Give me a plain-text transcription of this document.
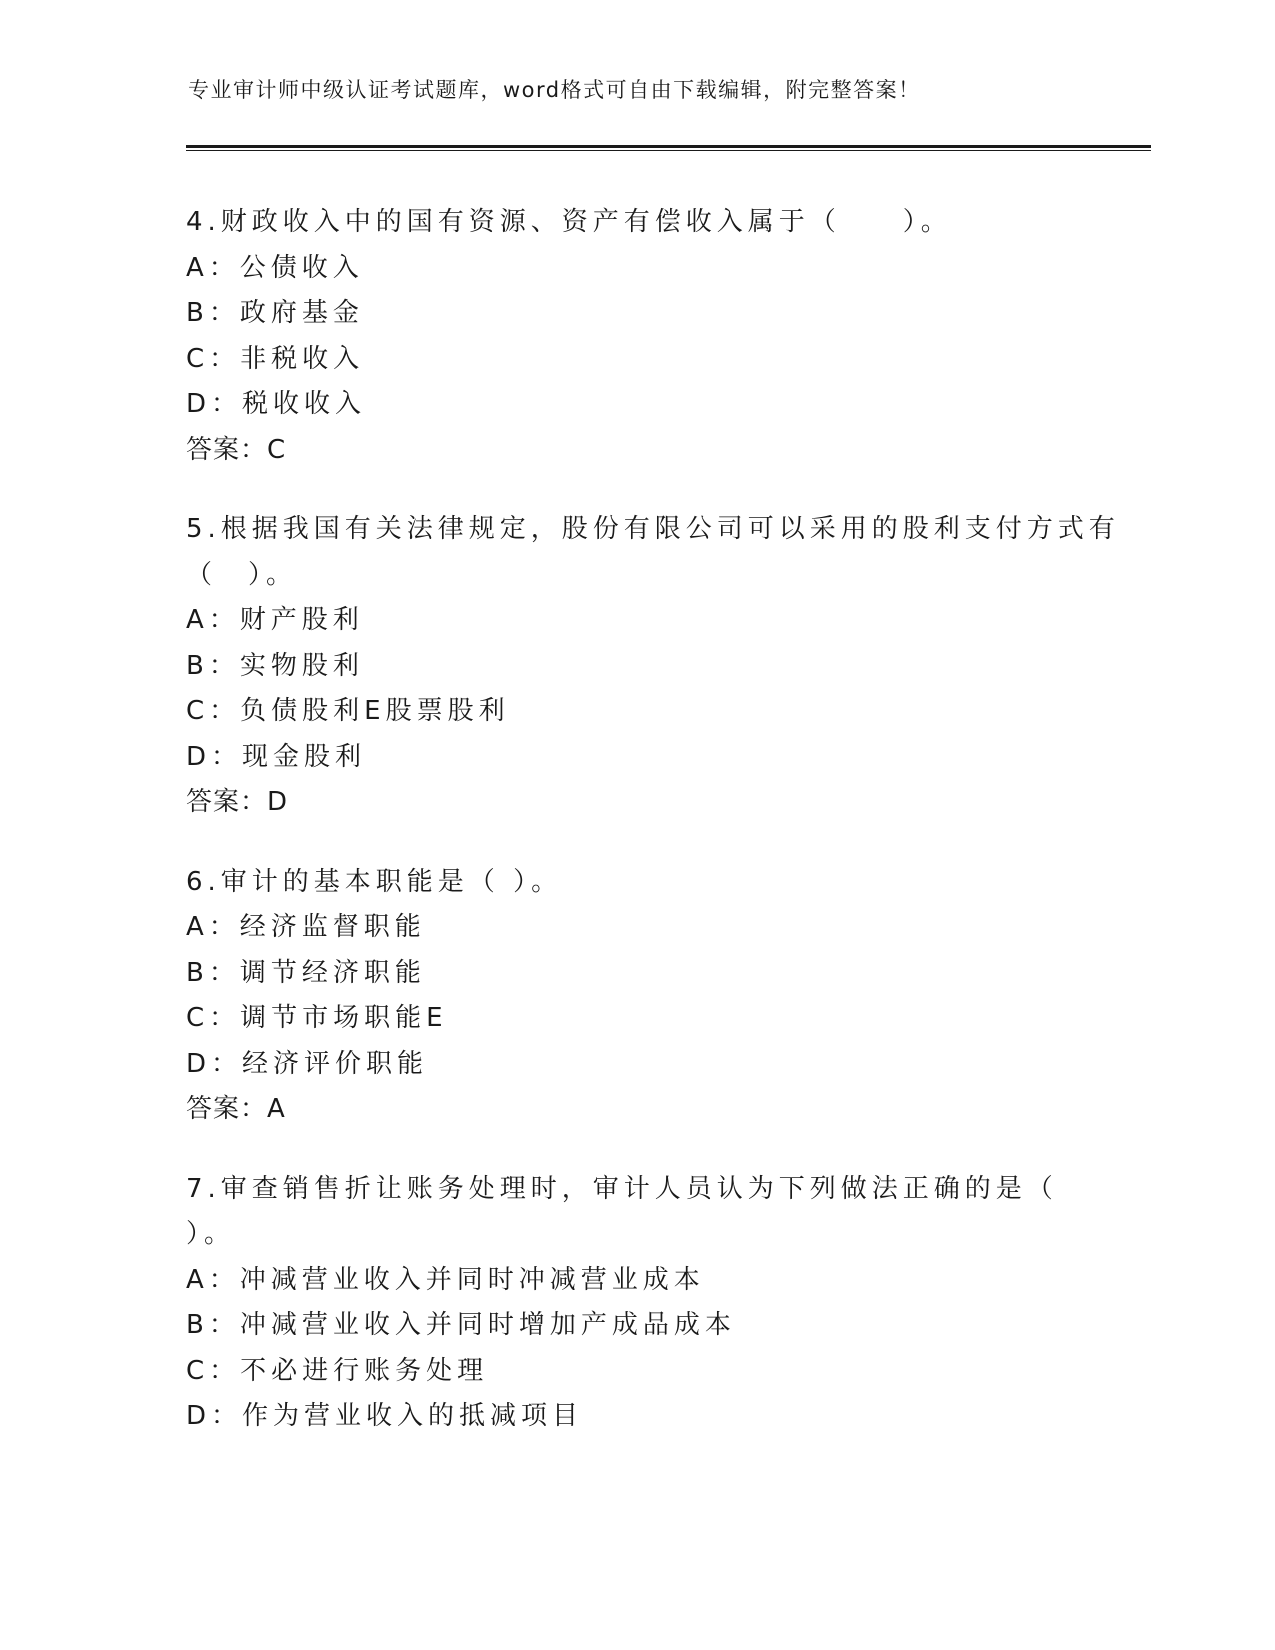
专业审计师中级认证考试题库，word格式可自由下载编辑，附完整答案！
4.财政收入中的国有资源、资产有偿收入属于（　　）。
A：公债收入
B：政府基金
C：非税收入
D：税收收入
答案：C
5.根据我国有关法律规定，股份有限公司可以采用的股利支付方式有
（　）。
A：财产股利
B：实物股利
C：负债股利E股票股利
D：现金股利
答案：D
6.审计的基本职能是（ ）。
A：经济监督职能
B：调节经济职能
C：调节市场职能E
D：经济评价职能
答案：A
7.审查销售折让账务处理时，审计人员认为下列做法正确的是（
）。
A：冲减营业收入并同时冲减营业成本
B：冲减营业收入并同时增加产成品成本
C：不必进行账务处理
D：作为营业收入的抵减项目
